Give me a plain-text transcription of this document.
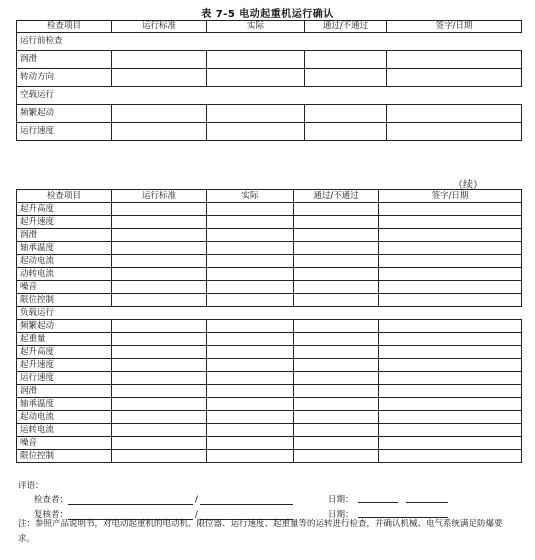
表 7-5 电动起重机运行确认
检查项目	运行标准	实际	通过/不通过	签字/日期
运行前检查				
润滑				
转动方向				
空载运行				
频繁起动				
运行速度				
（续）
检查项目	运行标准	实际	通过/不通过	签字/日期
起升高度				
起升速度				
润滑				
轴承温度				
起动电流				
动转电流				
噪音				
限位控制				
负载运行				
频繁起动				
起重量				
起升高度				
起升速度				
运行速度				
润滑				
轴承温度				
起动电流				
运转电流				
噪音				
限位控制				
评语：
检查者：	/	日期：
复核者：	/	日期：
注：参照产品说明书，对电动起重机的电动机、限位器、运行速度、起重量等的运转进行检查，并确认机械、电气系统满足防爆要求。
